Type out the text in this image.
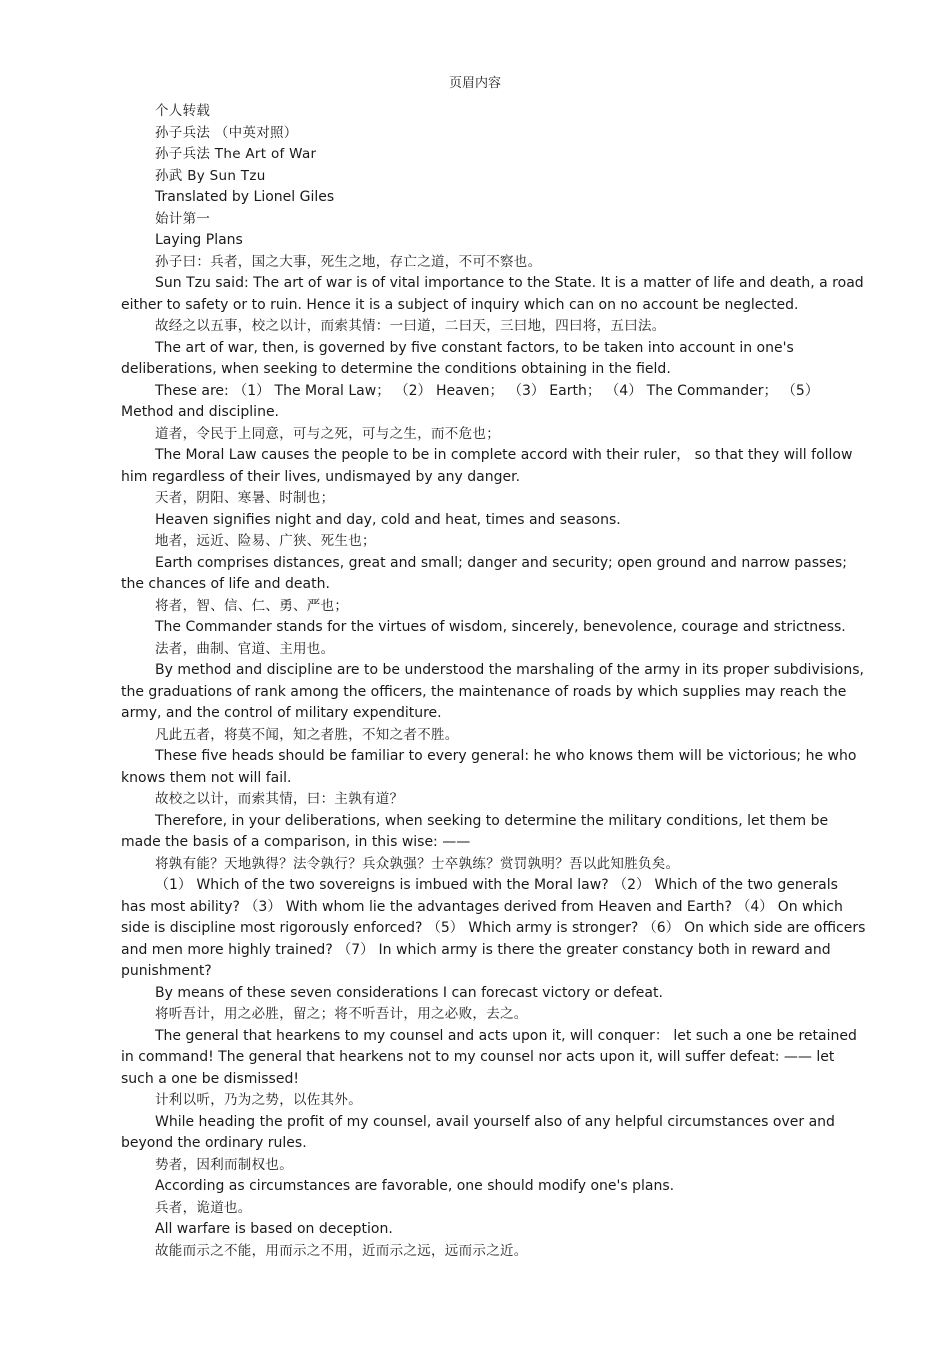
页眉内容

个人转载

孙子兵法 （中英对照）

孙子兵法 The Art of War

孙武 By Sun Tzu

Translated by Lionel Giles

始计第一

Laying Plans

孙子曰：兵者，国之大事，死生之地，存亡之道，不可不察也。

Sun Tzu said: The art of war is of vital importance to the State. It is a matter of life and death, a road either to safety or to ruin. Hence it is a subject of inquiry which can on no account be neglected.

故经之以五事，校之以计，而索其情：一曰道，二曰天，三曰地，四曰将，五曰法。

The art of war, then, is governed by five constant factors, to be taken into account in one's deliberations, when seeking to determine the conditions obtaining in the field.

These are: （1） The Moral Law； （2） Heaven； （3） Earth； （4） The Commander； （5） Method and discipline.

道者，令民于上同意，可与之死，可与之生，而不危也；

The Moral Law causes the people to be in complete accord with their ruler， so that they will follow him regardless of their lives, undismayed by any danger.

天者，阴阳、寒暑、时制也；

Heaven signifies night and day, cold and heat, times and seasons.

地者，远近、险易、广狭、死生也；

Earth comprises distances, great and small; danger and security; open ground and narrow passes; the chances of life and death.

将者，智、信、仁、勇、严也；

The Commander stands for the virtues of wisdom, sincerely, benevolence, courage and strictness.

法者，曲制、官道、主用也。

By method and discipline are to be understood the marshaling of the army in its proper subdivisions, the graduations of rank among the officers, the maintenance of roads by which supplies may reach the army, and the control of military expenditure.

凡此五者，将莫不闻，知之者胜，不知之者不胜。

These five heads should be familiar to every general: he who knows them will be victorious; he who knows them not will fail.

故校之以计，而索其情，曰：主孰有道？

Therefore, in your deliberations, when seeking to determine the military conditions, let them be made the basis of a comparison, in this wise: ——

将孰有能？天地孰得？法令孰行？兵众孰强？士卒孰练？赏罚孰明？吾以此知胜负矣。

（1） Which of the two sovereigns is imbued with the Moral law? （2） Which of the two generals has most ability? （3） With whom lie the advantages derived from Heaven and Earth? （4） On which side is discipline most rigorously enforced? （5） Which army is stronger? （6） On which side are officers and men more highly trained? （7） In which army is there the greater constancy both in reward and punishment?

By means of these seven considerations I can forecast victory or defeat.

将听吾计，用之必胜，留之；将不听吾计，用之必败，去之。

The general that hearkens to my counsel and acts upon it, will conquer： let such a one be retained in command! The general that hearkens not to my counsel nor acts upon it, will suffer defeat: —— let such a one be dismissed!

计利以听，乃为之势，以佐其外。

While heading the profit of my counsel, avail yourself also of any helpful circumstances over and beyond the ordinary rules.

势者，因利而制权也。

According as circumstances are favorable, one should modify one's plans.

兵者，诡道也。

All warfare is based on deception.

故能而示之不能，用而示之不用，近而示之远，远而示之近。
